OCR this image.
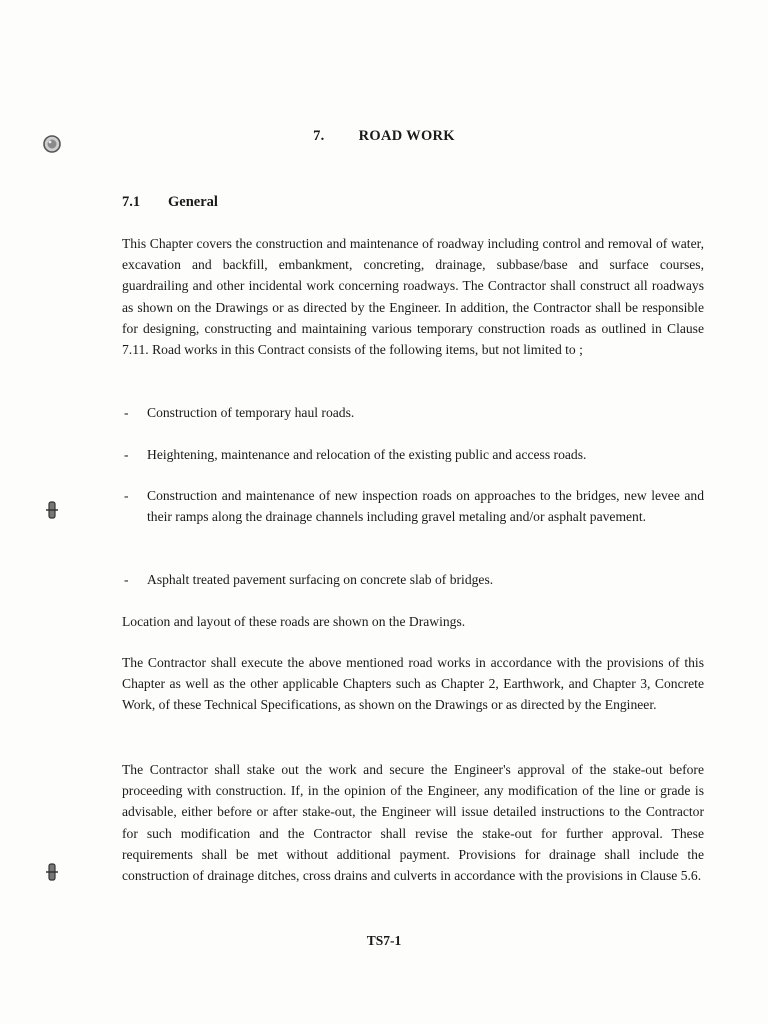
7. ROAD WORK
7.1 General

This Chapter covers the construction and maintenance of roadway including control and removal of water, excavation and backfill, embankment, concreting, drainage, subbase/base and surface courses, guardrailing and other incidental work concerning roadways. The Contractor shall construct all roadways as shown on the Drawings or as directed by the Engineer. In addition, the Contractor shall be responsible for designing, constructing and maintaining various temporary construction roads as outlined in Clause 7.11. Road works in this Contract consists of the following items, but not limited to ;

- Construction of temporary haul roads.
- Heightening, maintenance and relocation of the existing public and access roads.
- Construction and maintenance of new inspection roads on approaches to the bridges, new levee and their ramps along the drainage channels including gravel metaling and/or asphalt pavement.
- Asphalt treated pavement surfacing on concrete slab of bridges.

Location and layout of these roads are shown on the Drawings.

The Contractor shall execute the above mentioned road works in accordance with the provisions of this Chapter as well as the other applicable Chapters such as Chapter 2, Earthwork, and Chapter 3, Concrete Work, of these Technical Specifications, as shown on the Drawings or as directed by the Engineer.

The Contractor shall stake out the work and secure the Engineer's approval of the stake-out before proceeding with construction. If, in the opinion of the Engineer, any modification of the line or grade is advisable, either before or after stake-out, the Engineer will issue detailed instructions to the Contractor for such modification and the Contractor shall revise the stake-out for further approval. These requirements shall be met without additional payment. Provisions for drainage shall include the construction of drainage ditches, cross drains and culverts in accordance with the provisions in Clause 5.6.

TS7-1
